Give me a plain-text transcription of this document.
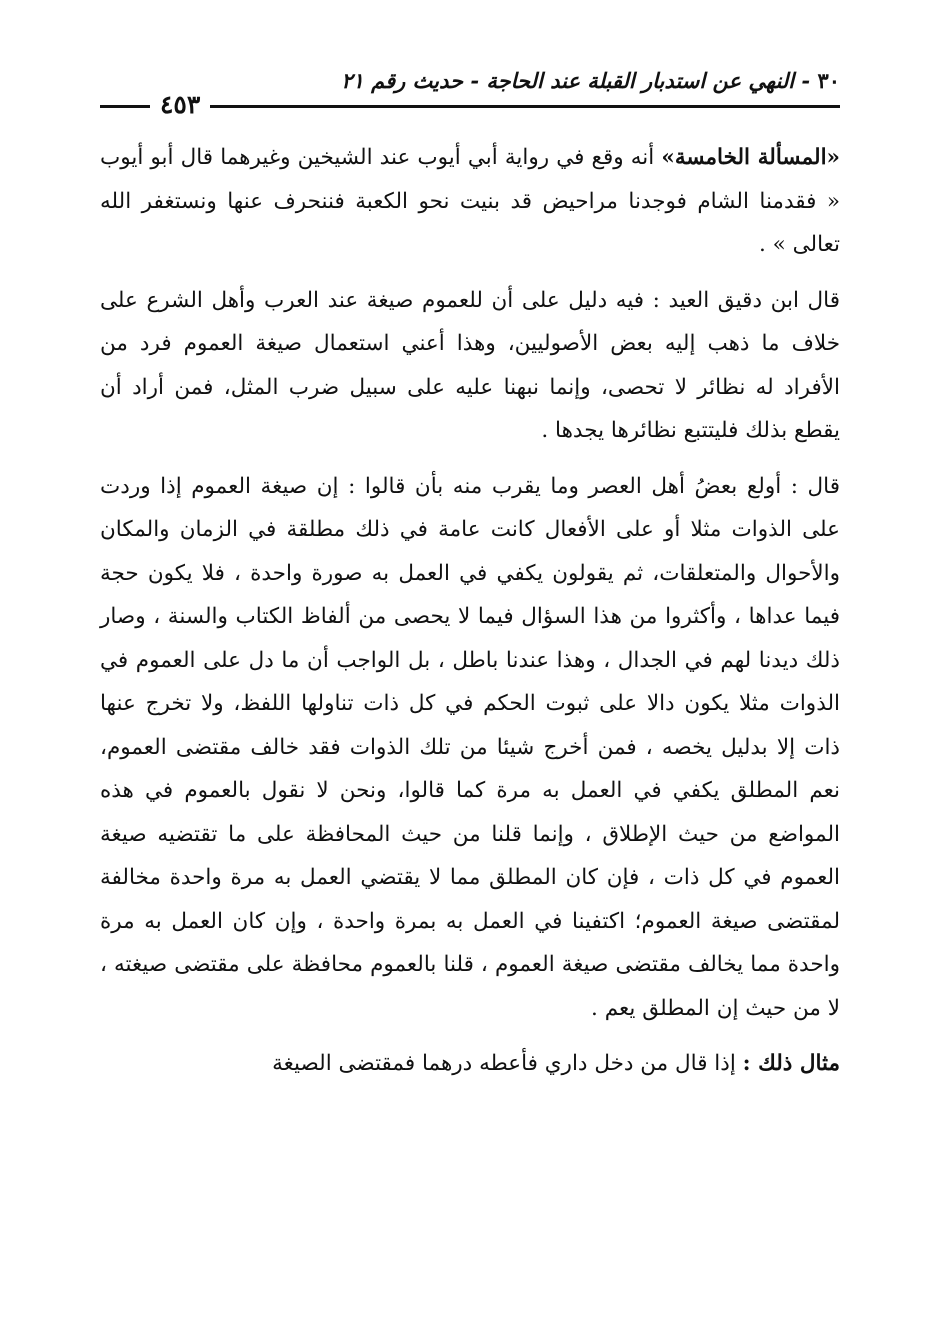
٣٠ - النهي عن استدبار القبلة عند الحاجة - حديث رقم ٢١
٤٥٣

«المسألة الخامسة» أنه وقع في رواية أبي أيوب عند الشيخين وغيرهما قال أبو أيوب « فقدمنا الشام فوجدنا مراحيض قد بنيت نحو الكعبة فننحرف عنها ونستغفر الله تعالى » .

قال ابن دقيق العيد : فيه دليل على أن للعموم صيغة عند العرب وأهل الشرع على خلاف ما ذهب إليه بعض الأصوليين، وهذا أعني استعمال صيغة العموم فرد من الأفراد له نظائر لا تحصى، وإنما نبهنا عليه على سبيل ضرب المثل، فمن أراد أن يقطع بذلك فليتتبع نظائرها يجدها .

قال : أولع بعضُ أهل العصر وما يقرب منه بأن قالوا : إن صيغة العموم إذا وردت على الذوات مثلا أو على الأفعال كانت عامة في ذلك مطلقة في الزمان والمكان والأحوال والمتعلقات، ثم يقولون يكفي في العمل به صورة واحدة ، فلا يكون حجة فيما عداها ، وأكثروا من هذا السؤال فيما لا يحصى من ألفاظ الكتاب والسنة ، وصار ذلك ديدنا لهم في الجدال ، وهذا عندنا باطل ، بل الواجب أن ما دل على العموم في الذوات مثلا يكون دالا على ثبوت الحكم في كل ذات تناولها اللفظ، ولا تخرج عنها ذات إلا بدليل يخصه ، فمن أخرج شيئا من تلك الذوات فقد خالف مقتضى العموم، نعم المطلق يكفي في العمل به مرة كما قالوا، ونحن لا نقول بالعموم في هذه المواضع من حيث الإطلاق ، وإنما قلنا من حيث المحافظة على ما تقتضيه صيغة العموم في كل ذات ، فإن كان المطلق مما لا يقتضي العمل به مرة واحدة مخالفة لمقتضى صيغة العموم؛ اكتفينا في العمل به بمرة واحدة ، وإن كان العمل به مرة واحدة مما يخالف مقتضى صيغة العموم ، قلنا بالعموم محافظة على مقتضى صيغته ، لا من حيث إن المطلق يعم .

مثال ذلك : إذا قال من دخل داري فأعطه درهما فمقتضى الصيغة
